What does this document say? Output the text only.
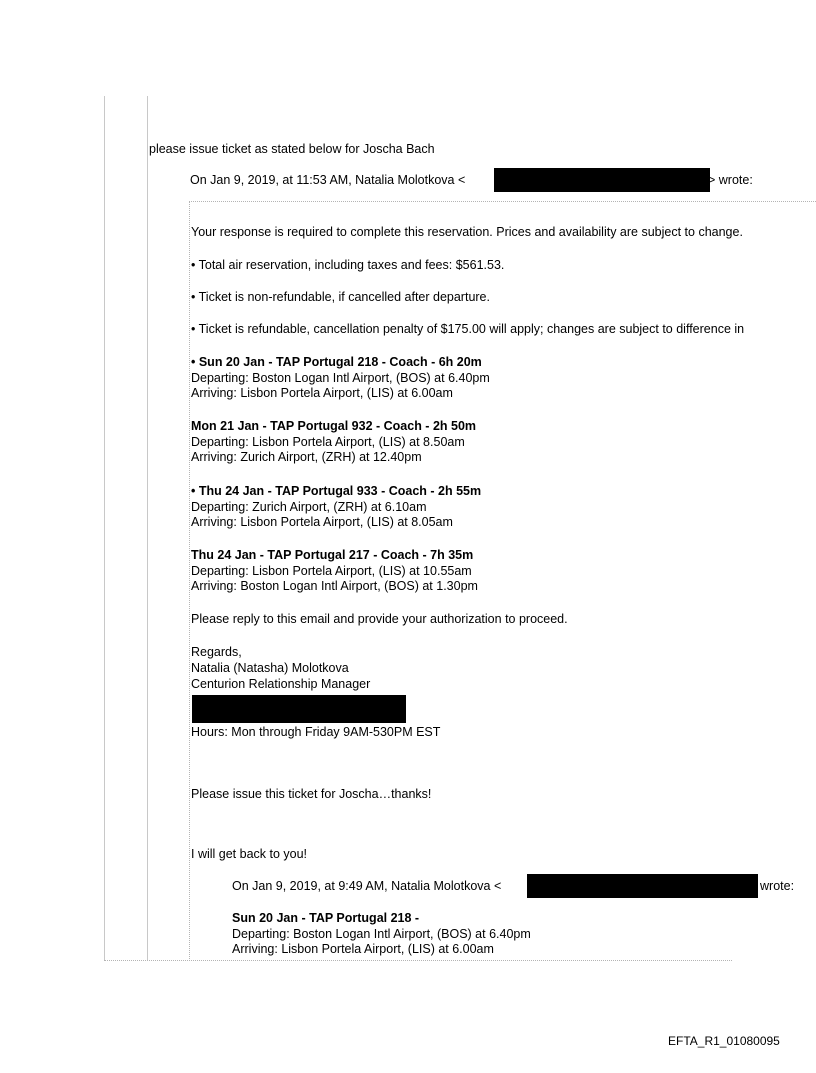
please issue ticket as stated below for Joscha Bach
On Jan 9, 2019, at 11:53 AM, Natalia Molotkova <	> wrote:
Your response is required to complete this reservation. Prices and availability are subject to change.
• Total air reservation, including taxes and fees: $561.53.
• Ticket is non-refundable, if cancelled after departure.
• Ticket is refundable, cancellation penalty of $175.00 will apply; changes are subject to difference in
• Sun 20 Jan - TAP Portugal 218 - Coach - 6h 20m
Departing: Boston Logan Intl Airport, (BOS) at 6.40pm
Arriving: Lisbon Portela Airport, (LIS) at 6.00am
Mon 21 Jan - TAP Portugal 932 - Coach - 2h 50m
Departing: Lisbon Portela Airport, (LIS) at 8.50am
Arriving: Zurich Airport, (ZRH) at 12.40pm
• Thu 24 Jan - TAP Portugal 933 - Coach - 2h 55m
Departing: Zurich Airport, (ZRH) at 6.10am
Arriving: Lisbon Portela Airport, (LIS) at 8.05am
Thu 24 Jan - TAP Portugal 217 - Coach - 7h 35m
Departing: Lisbon Portela Airport, (LIS) at 10.55am
Arriving: Boston Logan Intl Airport, (BOS) at 1.30pm
Please reply to this email and provide your authorization to proceed.
Regards,
Natalia (Natasha) Molotkova
Centurion Relationship Manager
Hours: Mon through Friday 9AM-530PM EST
Please issue this ticket for Joscha…thanks!
I will get back to you!
On Jan 9, 2019, at 9:49 AM, Natalia Molotkova <	wrote:
Sun 20 Jan - TAP Portugal 218 -
Departing: Boston Logan Intl Airport, (BOS) at 6.40pm
Arriving: Lisbon Portela Airport, (LIS) at 6.00am
EFTA_R1_01080095
